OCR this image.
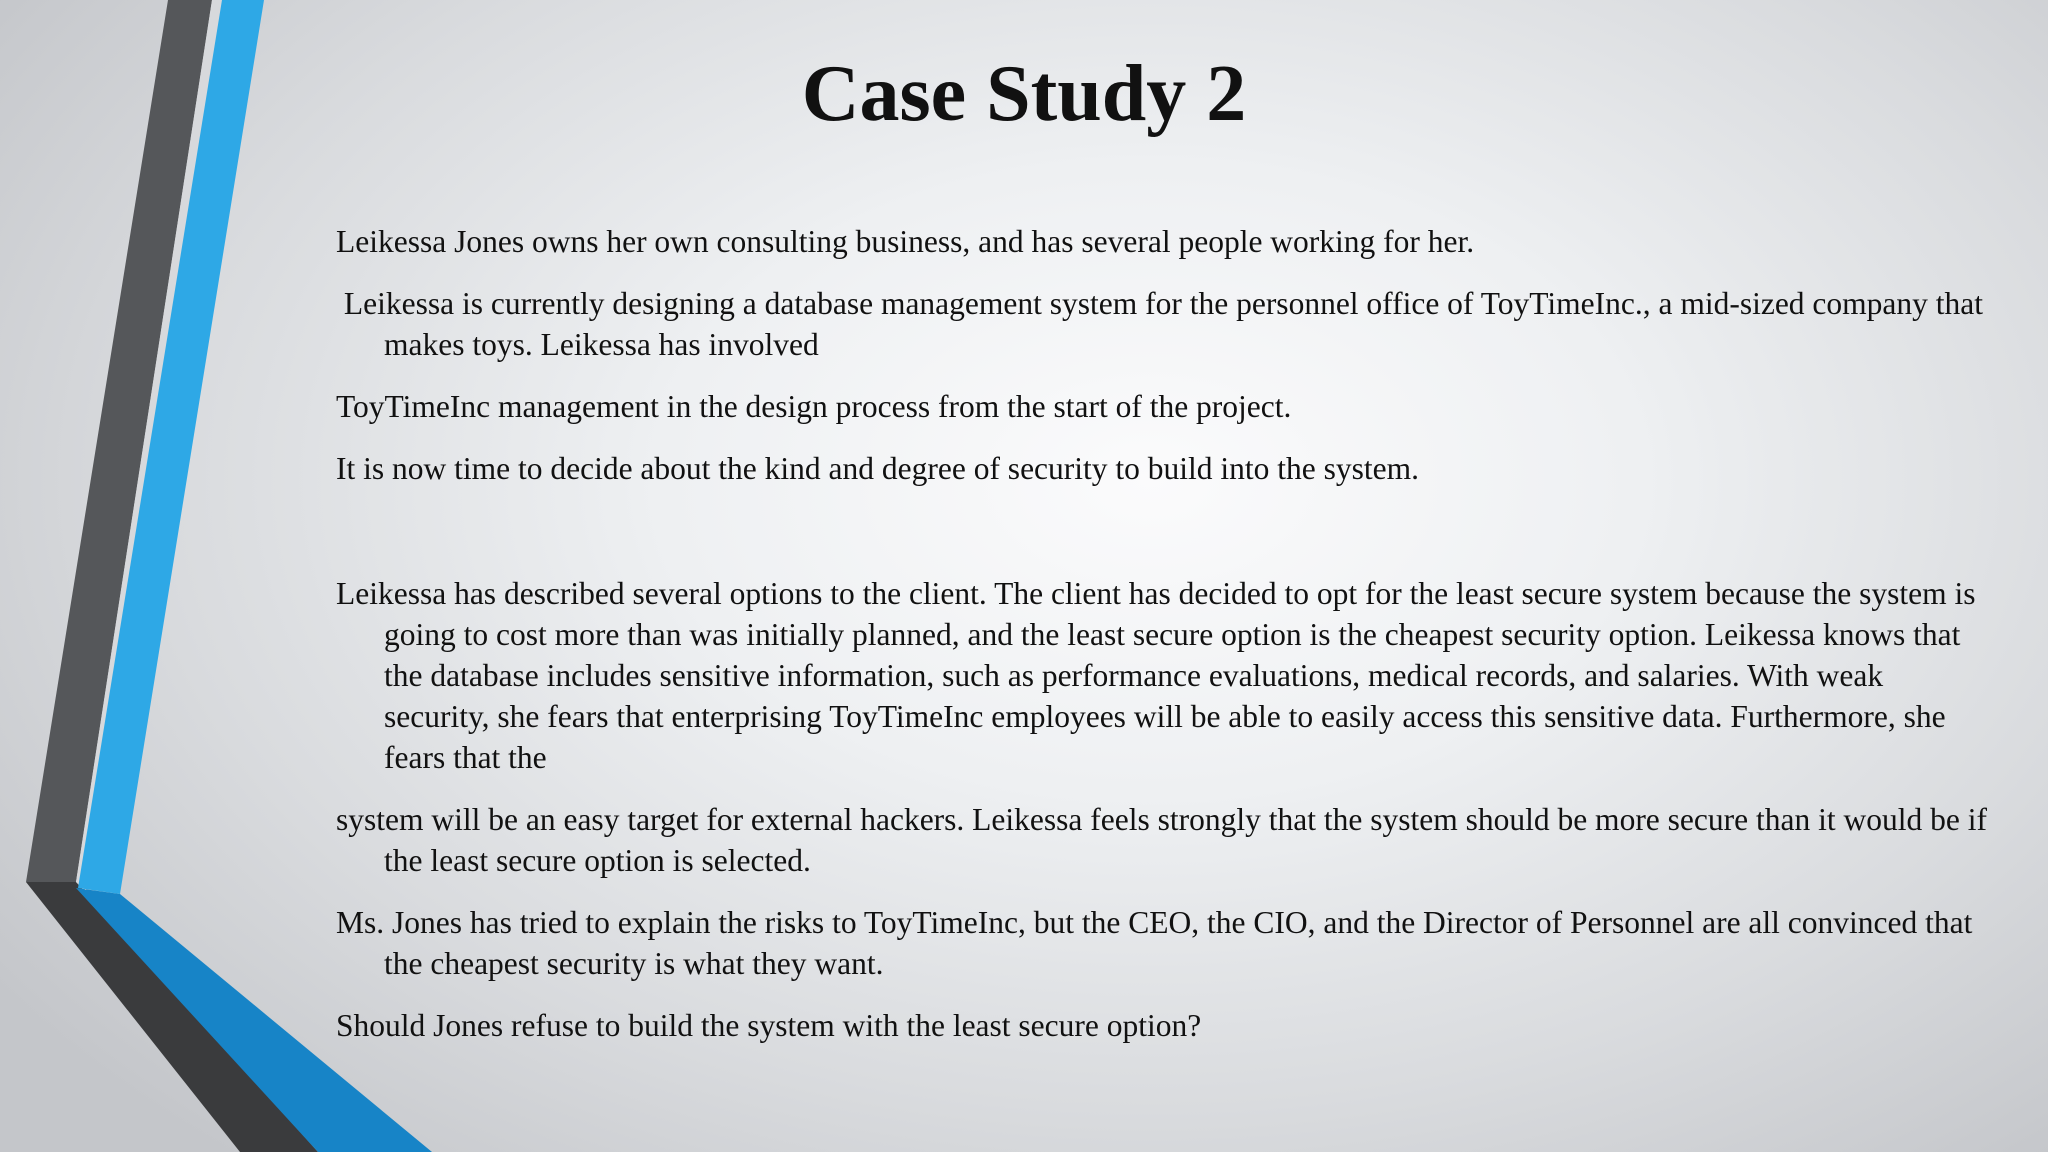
Case Study 2

Leikessa Jones owns her own consulting business, and has several people working for her.

Leikessa is currently designing a database management system for the personnel office of ToyTimeInc., a mid-sized company that makes toys. Leikessa has involved

ToyTimeInc management in the design process from the start of the project.

It is now time to decide about the kind and degree of security to build into the system.

Leikessa has described several options to the client. The client has decided to opt for the least secure system because the system is going to cost more than was initially planned, and the least secure option is the cheapest security option. Leikessa knows that the database includes sensitive information, such as performance evaluations, medical records, and salaries. With weak security, she fears that enterprising ToyTimeInc employees will be able to easily access this sensitive data. Furthermore, she fears that the

system will be an easy target for external hackers. Leikessa feels strongly that the system should be more secure than it would be if the least secure option is selected.

Ms. Jones has tried to explain the risks to ToyTimeInc, but the CEO, the CIO, and the Director of Personnel are all convinced that the cheapest security is what they want.

Should Jones refuse to build the system with the least secure option?
